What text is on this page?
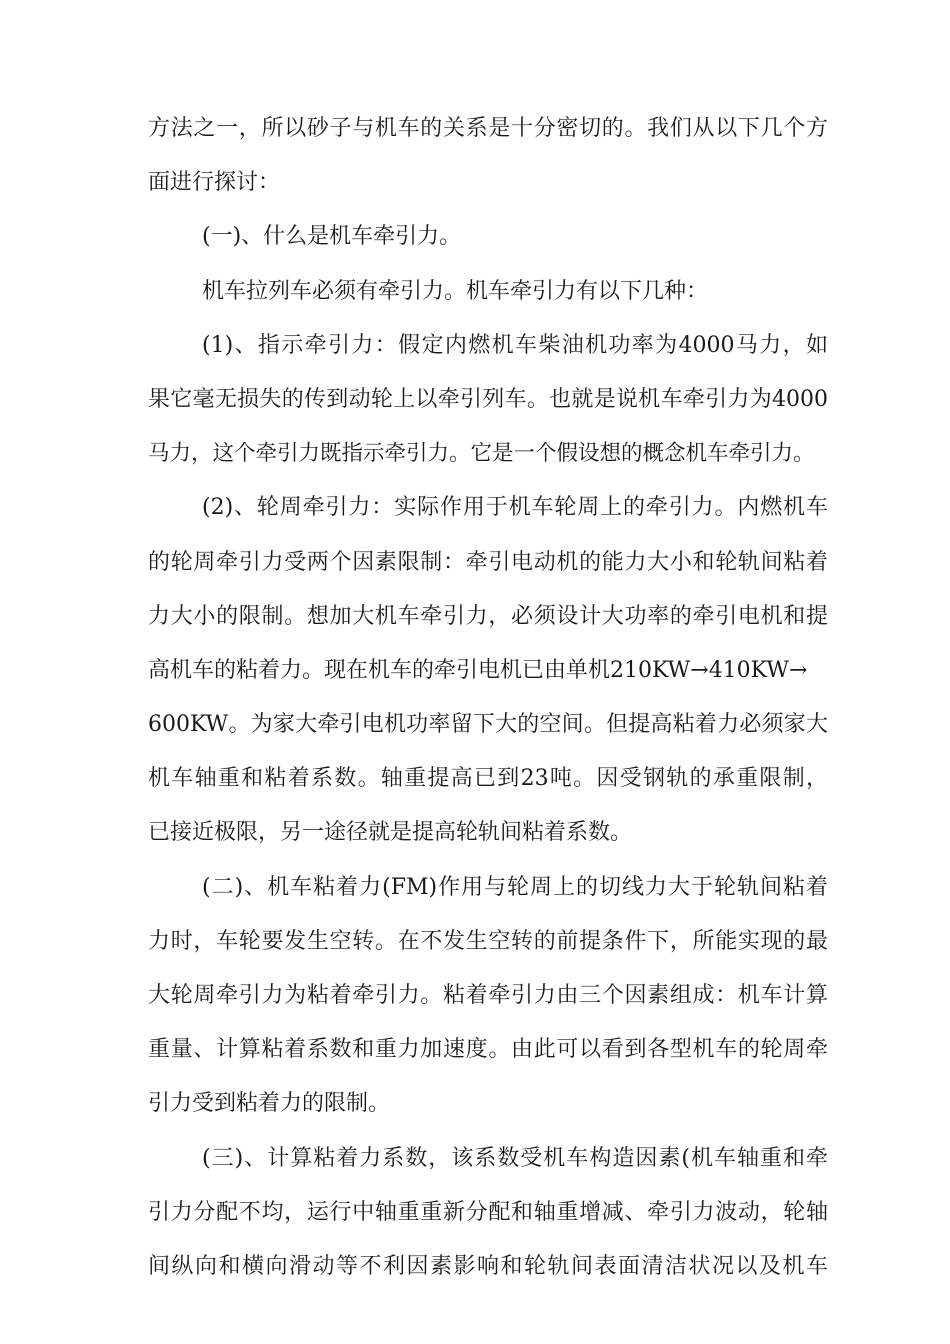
方法之一，所以砂子与机车的关系是十分密切的。我们从以下几个方
面进行探讨：
(一)、什么是机车牵引力。
机车拉列车必须有牵引力。机车牵引力有以下几种：
(1)、指示牵引力：假定内燃机车柴油机功率为4000马力，如
果它毫无损失的传到动轮上以牵引列车。也就是说机车牵引力为4000
马力，这个牵引力既指示牵引力。它是一个假设想的概念机车牵引力。
(2)、轮周牵引力：实际作用于机车轮周上的牵引力。内燃机车
的轮周牵引力受两个因素限制：牵引电动机的能力大小和轮轨间粘着
力大小的限制。想加大机车牵引力，必须设计大功率的牵引电机和提
高机车的粘着力。现在机车的牵引电机已由单机210KW→410KW→
600KW。为家大牵引电机功率留下大的空间。但提高粘着力必须家大
机车轴重和粘着系数。轴重提高已到23吨。因受钢轨的承重限制，
已接近极限，另一途径就是提高轮轨间粘着系数。
(二)、机车粘着力(FM)作用与轮周上的切线力大于轮轨间粘着
力时，车轮要发生空转。在不发生空转的前提条件下，所能实现的最
大轮周牵引力为粘着牵引力。粘着牵引力由三个因素组成：机车计算
重量、计算粘着系数和重力加速度。由此可以看到各型机车的轮周牵
引力受到粘着力的限制。
(三)、计算粘着力系数，该系数受机车构造因素(机车轴重和牵
引力分配不均，运行中轴重重新分配和轴重增减、牵引力波动，轮轴
间纵向和横向滑动等不利因素影响和轮轨间表面清洁状况以及机车
